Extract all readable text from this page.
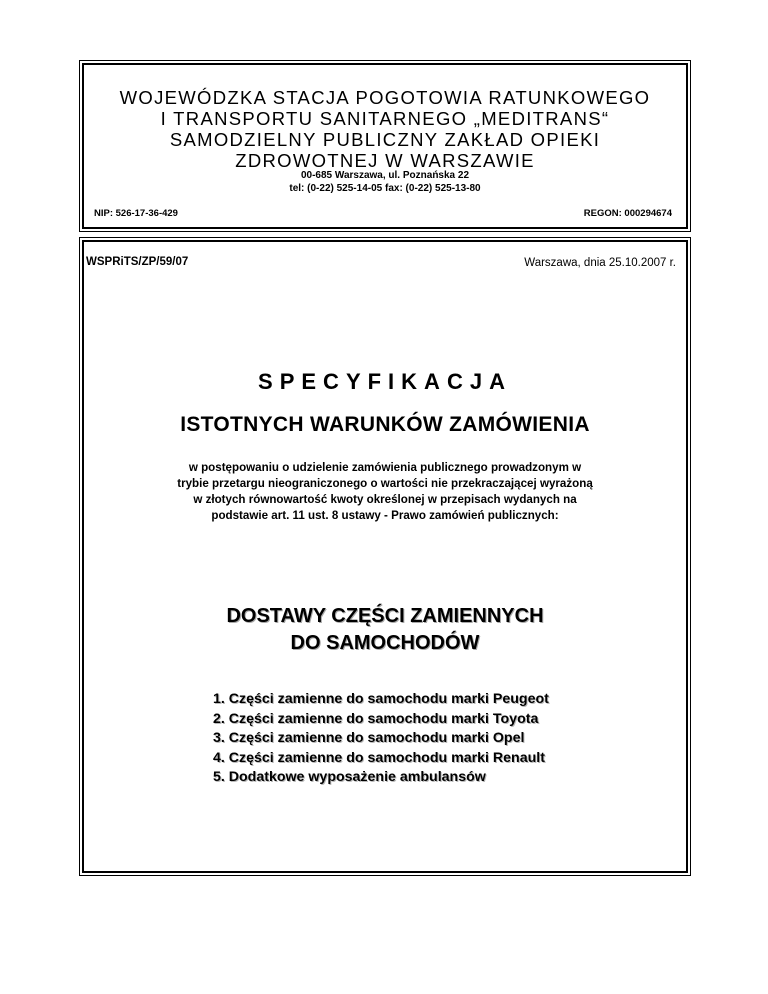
WOJEWÓDZKA STACJA POGOTOWIA RATUNKOWEGO
I TRANSPORTU SANITARNEGO „MEDITRANS“
SAMODZIELNY PUBLICZNY ZAKŁAD OPIEKI
ZDROWOTNEJ W WARSZAWIE
00-685 Warszawa, ul. Poznańska 22
tel: (0-22) 525-14-05 fax: (0-22) 525-13-80
NIP: 526-17-36-429	REGON: 000294674
WSPRiTS/ZP/59/07	Warszawa, dnia 25.10.2007 r.
SPECYFIKACJA
ISTOTNYCH WARUNKÓW ZAMÓWIENIA
w postępowaniu o udzielenie zamówienia publicznego prowadzonym w
trybie przetargu nieograniczonego o wartości nie przekraczającej wyrażoną
w złotych równowartość kwoty określonej w przepisach wydanych na
podstawie art. 11 ust. 8 ustawy - Prawo zamówień publicznych:
DOSTAWY CZĘŚCI ZAMIENNYCH
DO SAMOCHODÓW
1. Części zamienne do samochodu marki Peugeot
2. Części zamienne do samochodu marki Toyota
3. Części zamienne do samochodu marki Opel
4. Części zamienne do samochodu marki Renault
5. Dodatkowe wyposażenie ambulansów
